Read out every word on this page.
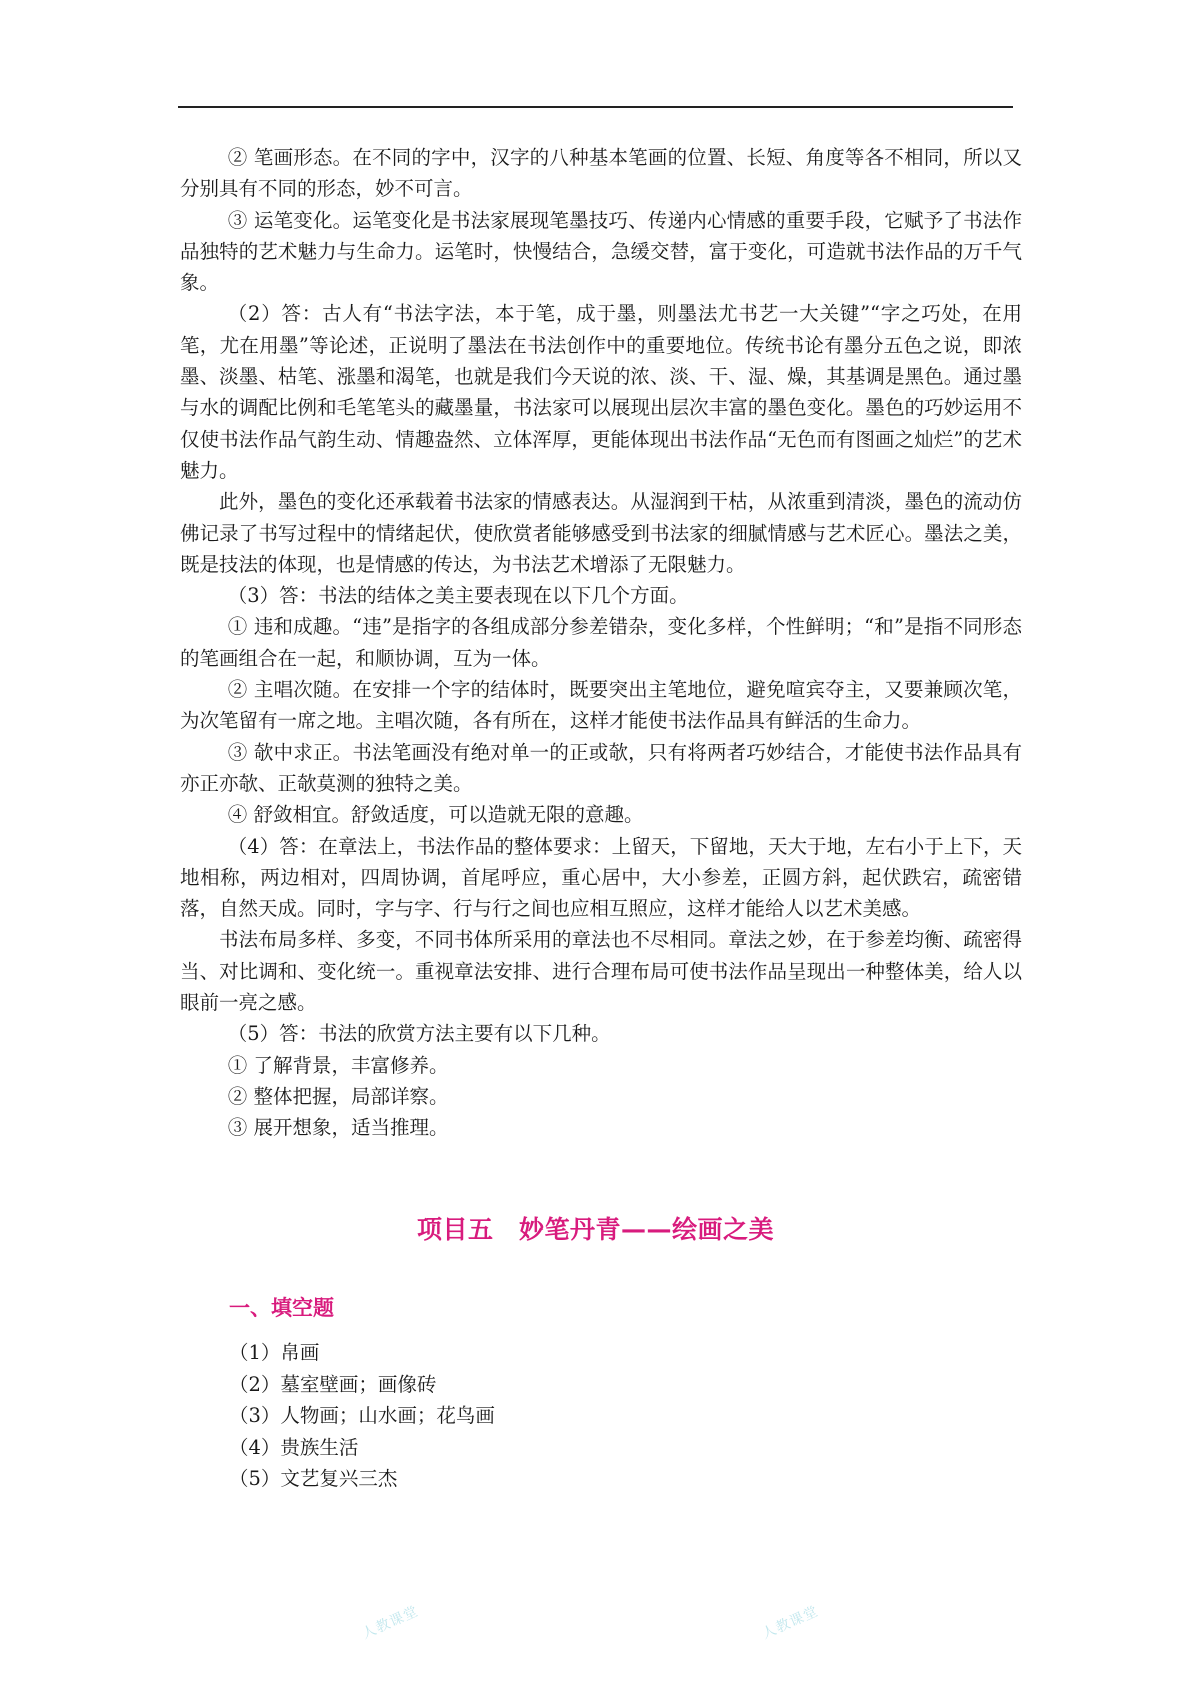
② 笔画形态。在不同的字中，汉字的八种基本笔画的位置、长短、角度等各不相同，所以又分别具有不同的形态，妙不可言。

③ 运笔变化。运笔变化是书法家展现笔墨技巧、传递内心情感的重要手段，它赋予了书法作品独特的艺术魅力与生命力。运笔时，快慢结合，急缓交替，富于变化，可造就书法作品的万千气象。

（2）答：古人有“书法字法，本于笔，成于墨，则墨法尤书艺一大关键”“字之巧处，在用笔，尤在用墨”等论述，正说明了墨法在书法创作中的重要地位。传统书论有墨分五色之说，即浓墨、淡墨、枯笔、涨墨和渴笔，也就是我们今天说的浓、淡、干、湿、燥，其基调是黑色。通过墨与水的调配比例和毛笔笔头的藏墨量，书法家可以展现出层次丰富的墨色变化。墨色的巧妙运用不仅使书法作品气韵生动、情趣盎然、立体浑厚，更能体现出书法作品“无色而有图画之灿烂”的艺术魅力。

此外，墨色的变化还承载着书法家的情感表达。从湿润到干枯，从浓重到清淡，墨色的流动仿佛记录了书写过程中的情绪起伏，使欣赏者能够感受到书法家的细腻情感与艺术匠心。墨法之美，既是技法的体现，也是情感的传达，为书法艺术增添了无限魅力。

（3）答：书法的结体之美主要表现在以下几个方面。

① 违和成趣。“违”是指字的各组成部分参差错杂，变化多样，个性鲜明；“和”是指不同形态的笔画组合在一起，和顺协调，互为一体。

② 主唱次随。在安排一个字的结体时，既要突出主笔地位，避免喧宾夺主，又要兼顾次笔，为次笔留有一席之地。主唱次随，各有所在，这样才能使书法作品具有鲜活的生命力。

③ 欹中求正。书法笔画没有绝对单一的正或欹，只有将两者巧妙结合，才能使书法作品具有亦正亦欹、正欹莫测的独特之美。

④ 舒敛相宜。舒敛适度，可以造就无限的意趣。

（4）答：在章法上，书法作品的整体要求：上留天，下留地，天大于地，左右小于上下，天地相称，两边相对，四周协调，首尾呼应，重心居中，大小参差，正圆方斜，起伏跌宕，疏密错落，自然天成。同时，字与字、行与行之间也应相互照应，这样才能给人以艺术美感。

书法布局多样、多变，不同书体所采用的章法也不尽相同。章法之妙，在于参差均衡、疏密得当、对比调和、变化统一。重视章法安排、进行合理布局可使书法作品呈现出一种整体美，给人以眼前一亮之感。

（5）答：书法的欣赏方法主要有以下几种。

① 了解背景，丰富修养。

② 整体把握，局部详察。

③ 展开想象，适当推理。

项目五　妙笔丹青——绘画之美
一、填空题
（1）帛画
（2）墓室壁画；画像砖
（3）人物画；山水画；花鸟画
（4）贵族生活
（5）文艺复兴三杰
人教课堂	人教课堂
